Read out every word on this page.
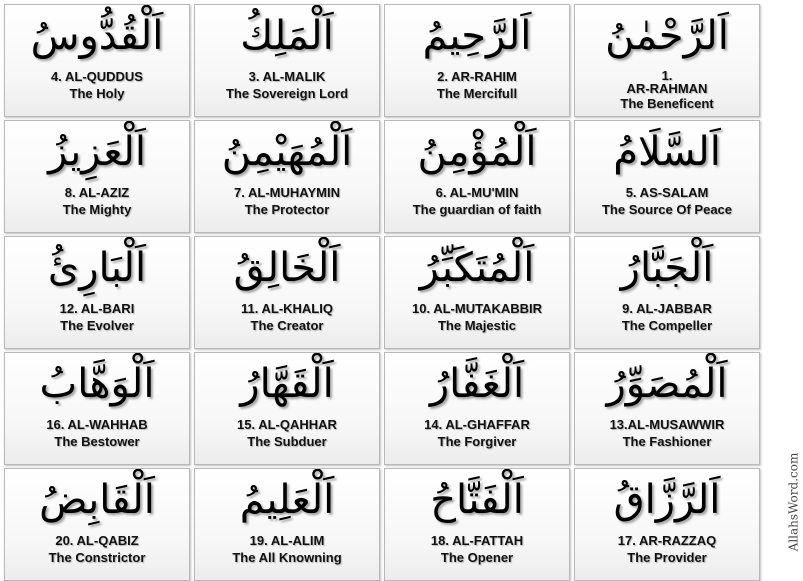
اَلْقُدُّوسُ
4. AL-QUDDUS
The Holy
اَلْمَلِكُ
3. AL-MALIK
The Sovereign Lord
اَلرَّحِيمُ
2. AR-RAHIM
The Mercifull
اَلرَّحْمٰنُ
1.
AR-RAHMAN
The Beneficent
اَلْعَزِيزُ
8. AL-AZIZ
The Mighty
اَلْمُهَيْمِنُ
7. AL-MUHAYMIN
The Protector
اَلْمُؤْمِنُ
6. AL-MU'MIN
The guardian of faith
اَلسَّلَامُ
5. AS-SALAM
The Source Of Peace
اَلْبَارِئُ
12. AL-BARI
The Evolver
اَلْخَالِقُ
11. AL-KHALIQ
The Creator
اَلْمُتَكَبِّرُ
10. AL-MUTAKABBIR
The Majestic
اَلْجَبَّارُ
9. AL-JABBAR
The Compeller
اَلْوَهَّابُ
16. AL-WAHHAB
The Bestower
اَلْقَهَّارُ
15. AL-QAHHAR
The Subduer
اَلْغَفَّارُ
14. AL-GHAFFAR
The Forgiver
اَلْمُصَوِّرُ
13.AL-MUSAWWIR
The Fashioner
اَلْقَابِضُ
20. AL-QABIZ
The Constrictor
اَلْعَلِيمُ
19. AL-ALIM
The All Knowning
اَلْفَتَّاحُ
18. AL-FATTAH
The Opener
اَلرَّزَّاقُ
17. AR-RAZZAQ
The Provider
AllahsWord.com
